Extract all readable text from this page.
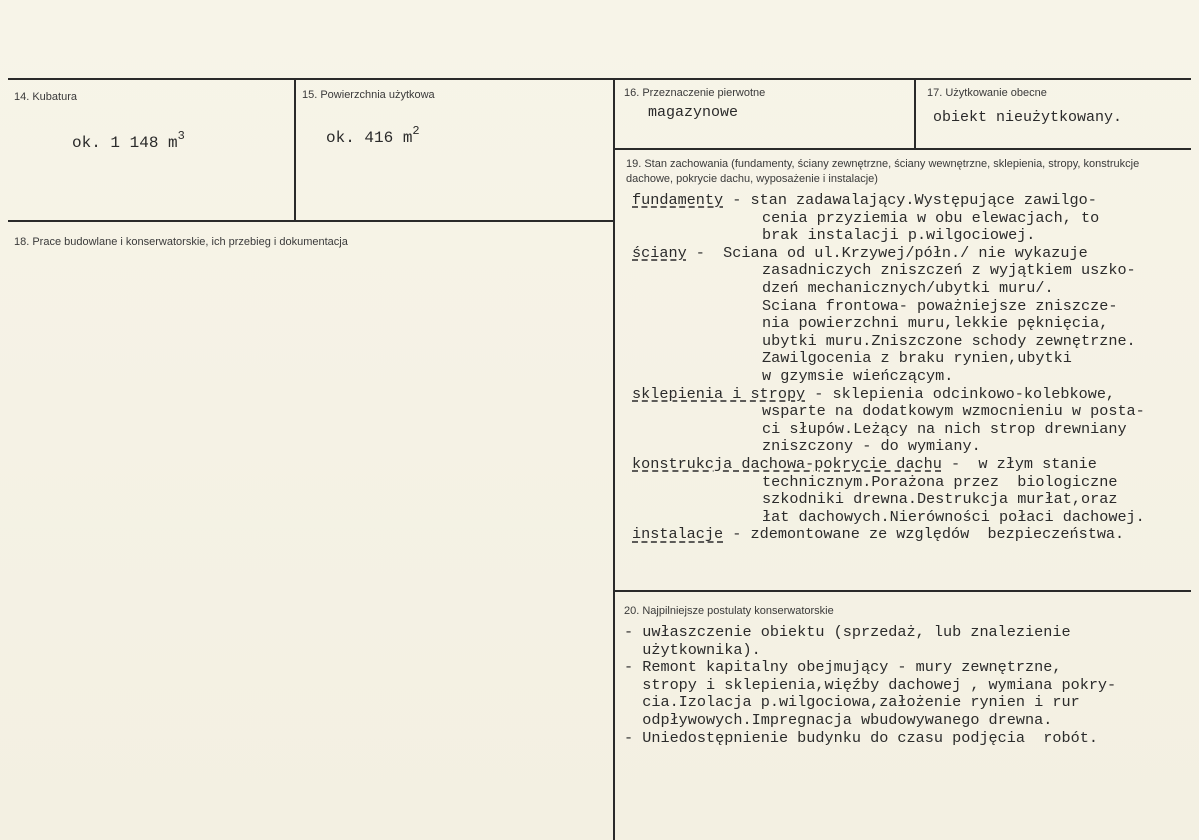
14. Kubatura
ok. 1 148 $m^3$
15. Powierzchnia użytkowa
ok. 416 $m^2$
16. Przeznaczenie pierwotne
magazynowe
17. Użytkowanie obecne
obiekt nieużytkowany.
18. Prace budowlane i konserwatorskie, ich przebieg i dokumentacja
19. Stan zachowania (fundamenty, ściany zewnętrzne, ściany wewnętrzne, sklepienia, stropy, konstrukcje dachowe, pokrycie dachu, wyposażenie i instalacje)
fundamenty - stan zadawalający.Występujące zawilgo-
cenia przyziemia w obu elewacjach, to
brak instalacji p.wilgociowej.
ściany -  Sciana od ul.Krzywej/półn./ nie wykazuje
zasadniczych zniszczeń z wyjątkiem uszko-
dzeń mechanicznych/ubytki muru/.
Sciana frontowa- poważniejsze zniszcze-
nia powierzchni muru,lekkie pęknięcia,
ubytki muru.Zniszczone schody zewnętrzne.
Zawilgocenia z braku rynien,ubytki
w gzymsie wieńczącym.
sklepienia i stropy - sklepienia odcinkowo-kolebkowe,
wsparte na dodatkowym wzmocnieniu w posta-
ci słupów.Leżący na nich strop drewniany
zniszczony - do wymiany.
konstrukcja dachowa-pokrycie dachu -  w złym stanie
technicznym.Porażona przez  biologiczne
szkodniki drewna.Destrukcja murłat,oraz
łat dachowych.Nierówności połaci dachowej.
instalacje - zdemontowane ze względów  bezpieczeństwa.
20. Najpilniejsze postulaty konserwatorskie
- uwłaszczenie obiektu (sprzedaż, lub znalezienie
użytkownika).
- Remont kapitalny obejmujący - mury zewnętrzne,
stropy i sklepienia,więźby dachowej , wymiana pokry-
cia.Izolacja p.wilgociowa,założenie rynien i rur
odpływowych.Impregnacja wbudowywanego drewna.
- Uniedostępnienie budynku do czasu podjęcia  robót.
